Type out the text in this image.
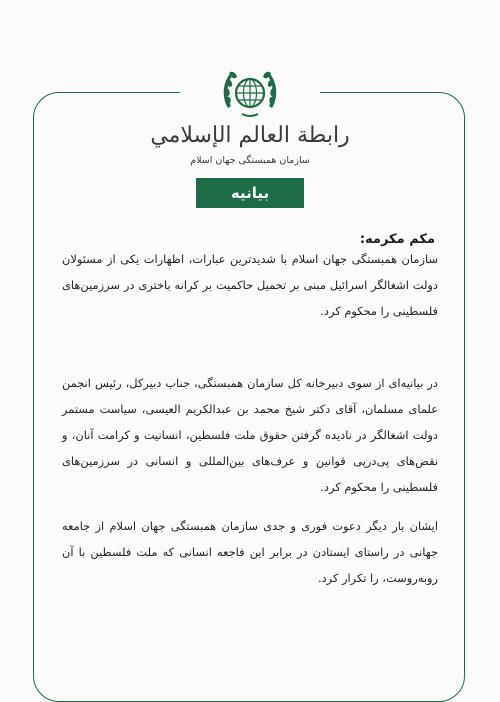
رابطة العالم الإسلامي
سازمان همبستگی جهان اسلام
بیانیه
مکم مکرمه:
سازمان همبستگی جهان اسلام با شدیدترین عبارات، اظهارات یکی از مسئولان دولت اشغالگر اسرائیل مبنی بر تحمیل حاکمیت بر کرانه باختری در سرزمین‌های فلسطینی را محکوم کرد.
در بیانیه‌ای از سوی دبیرخانه کل سازمان همبستگی، جناب دبیرکل، رئیس انجمن علمای مسلمان، آقای دکتر شیخ محمد بن عبدالکریم العیسی، سیاست مستمر دولت اشغالگر در نادیده گرفتن حقوق ملت فلسطین، انسانیت و کرامت آنان، و نقض‌های پی‌درپی قوانین و عرف‌های بین‌المللی و انسانی در سرزمین‌های فلسطینی را محکوم کرد.
ایشان بار دیگر دعوت فوری و جدی سازمان همبستگی جهان اسلام از جامعه جهانی در راستای ایستادن در برابر این فاجعه انسانی که ملت فلسطین با آن روبه‌روست، را تکرار کرد.
